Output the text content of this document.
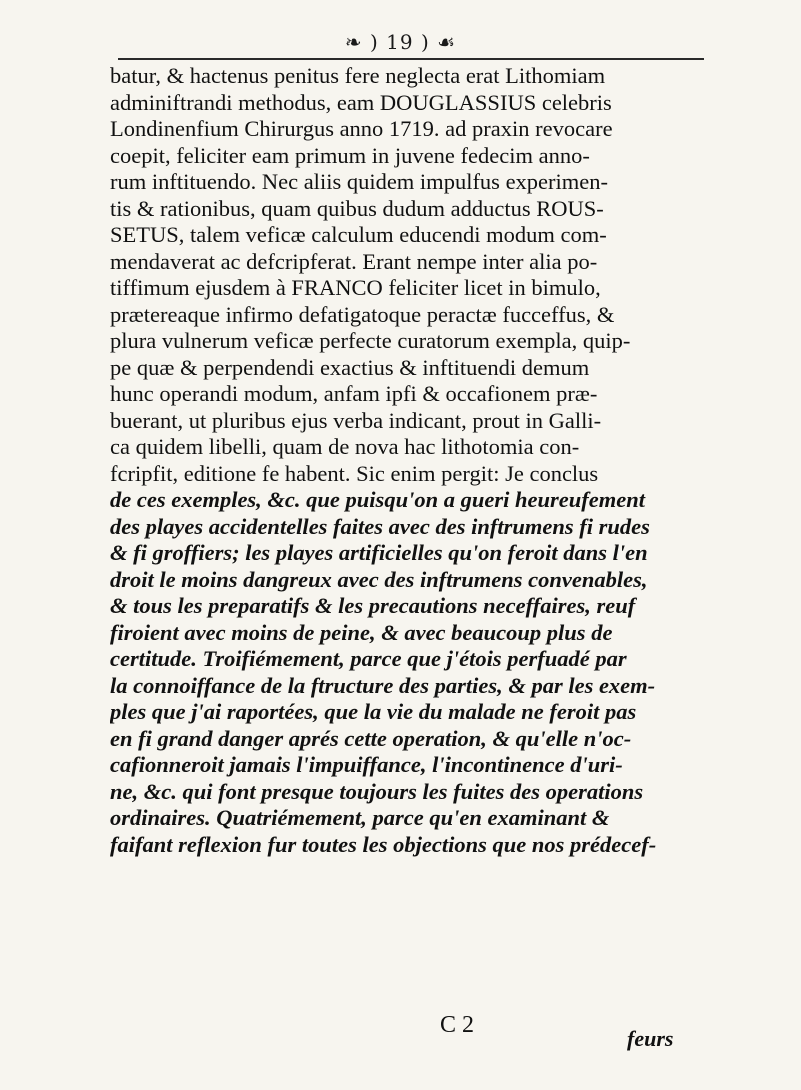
❧ ) 19 ) ☙
batur, & hactenus penitus fere neglecta erat Lithomiam
adminiftrandi methodus, eam DOUGLASSIUS celebris
Londinenfium Chirurgus anno 1719. ad praxin revocare
coepit, feliciter eam primum in juvene fedecim anno-
rum inftituendo. Nec aliis quidem impulfus experimen-
tis & rationibus, quam quibus dudum adductus ROUS-
SETUS, talem veficæ calculum educendi modum com-
mendaverat ac defcripferat. Erant nempe inter alia po-
tiffimum ejusdem à FRANCO feliciter licet in bimulo,
prætereaque infirmo defatigatoque peractæ fucceffus, &
plura vulnerum veficæ perfecte curatorum exempla, quip-
pe quæ & perpendendi exactius & inftituendi demum
hunc operandi modum, anfam ipfi & occafionem præ-
buerant, ut pluribus ejus verba indicant, prout in Galli-
ca quidem libelli, quam de nova hac lithotomia con-
fcripfit, editione fe habent. Sic enim pergit: Je conclus
de ces exemples, &c. que puisqu'on a gueri heureufement
des playes accidentelles faites avec des inftrumens fi rudes
& fi groffiers; les playes artificielles qu'on feroit dans l'en
droit le moins dangreux avec des inftrumens convenables,
& tous les preparatifs & les precautions neceffaires, reuf
firoient avec moins de peine, & avec beaucoup plus de
certitude. Troifiémement, parce que j'étois perfuadé par
la connoiffance de la ftructure des parties, & par les exem-
ples que j'ai raportées, que la vie du malade ne feroit pas
en fi grand danger aprés cette operation, & qu'elle n'oc-
cafionneroit jamais l'impuiffance, l'incontinence d'uri-
ne, &c. qui font presque toujours les fuites des operations
ordinaires. Quatriémement, parce qu'en examinant &
faifant reflexion fur toutes les objections que nos prédecef-
C 2
feurs
